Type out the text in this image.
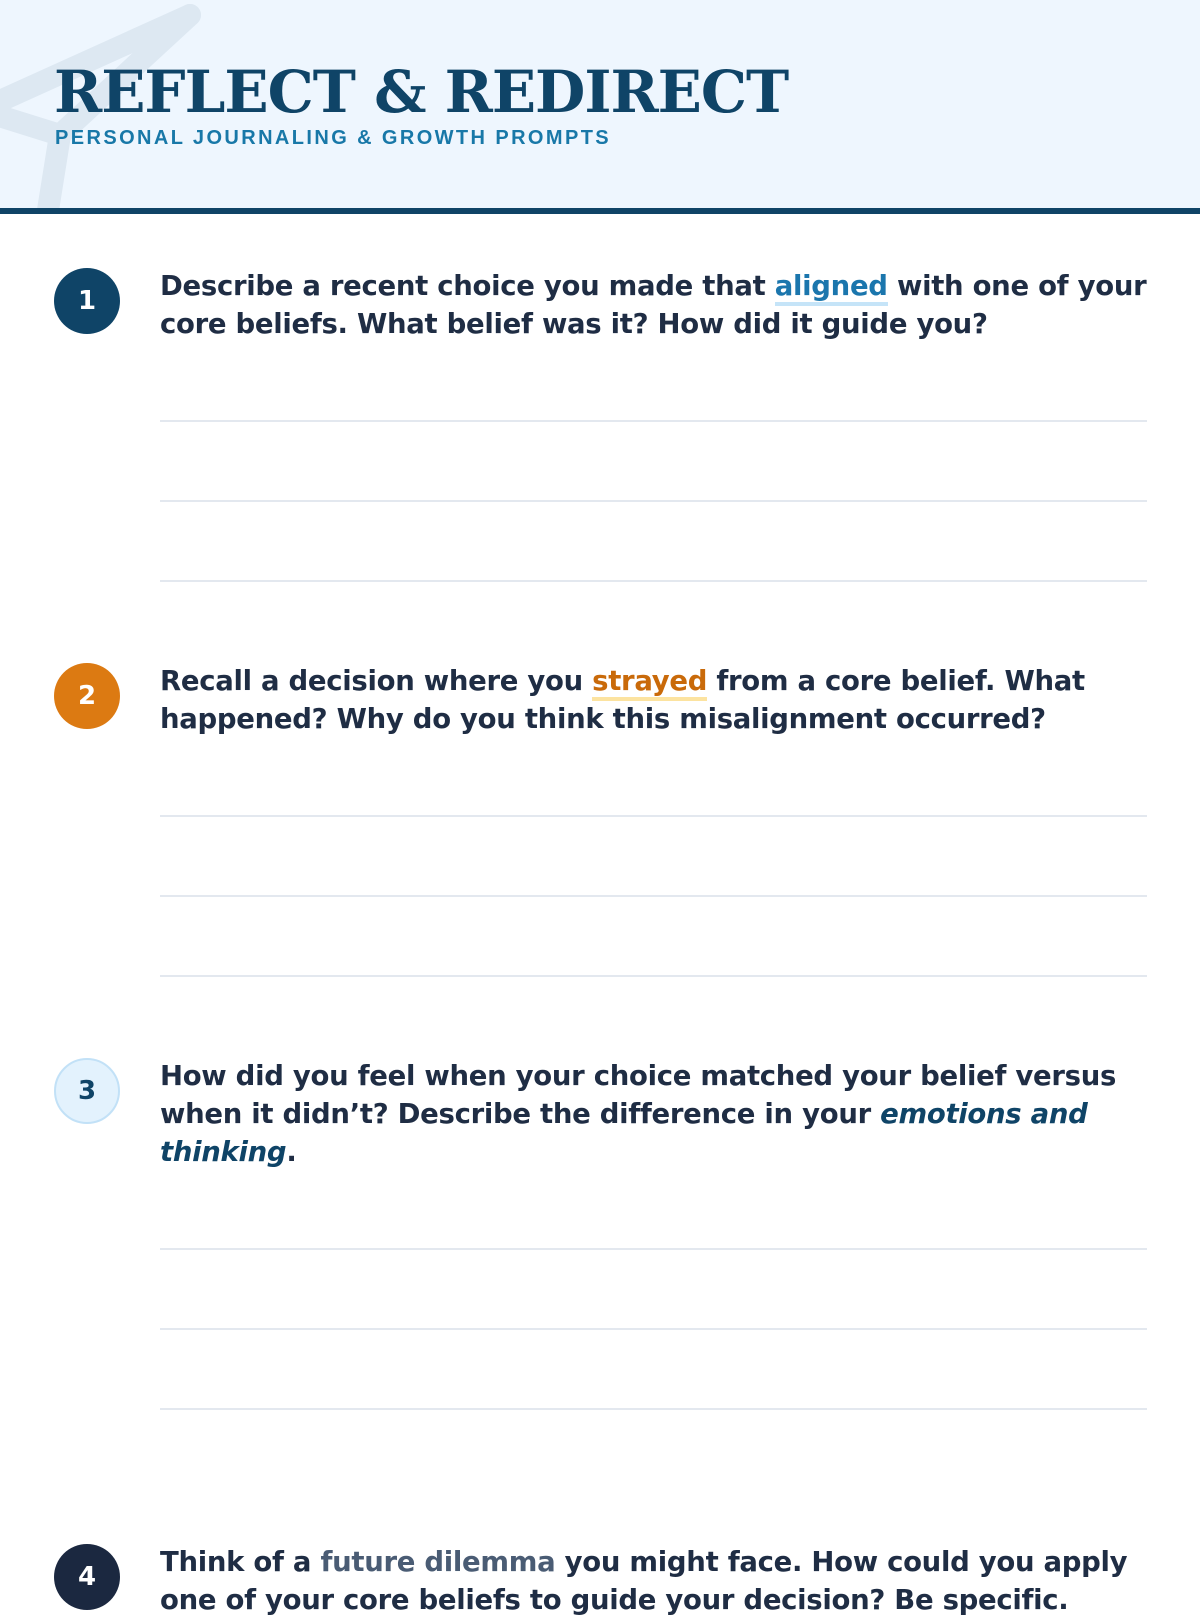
REFLECT & REDIRECT
PERSONAL JOURNALING & GROWTH PROMPTS
1	Describe a recent choice you made that aligned with one of your core beliefs. What belief was it? How did it guide you?

2	Recall a decision where you strayed from a core belief. What happened? Why do you think this misalignment occurred?

3	How did you feel when your choice matched your belief versus when it didn’t? Describe the difference in your emotions and thinking.

4	Think of a future dilemma you might face. How could you apply one of your core beliefs to guide your decision? Be specific.
